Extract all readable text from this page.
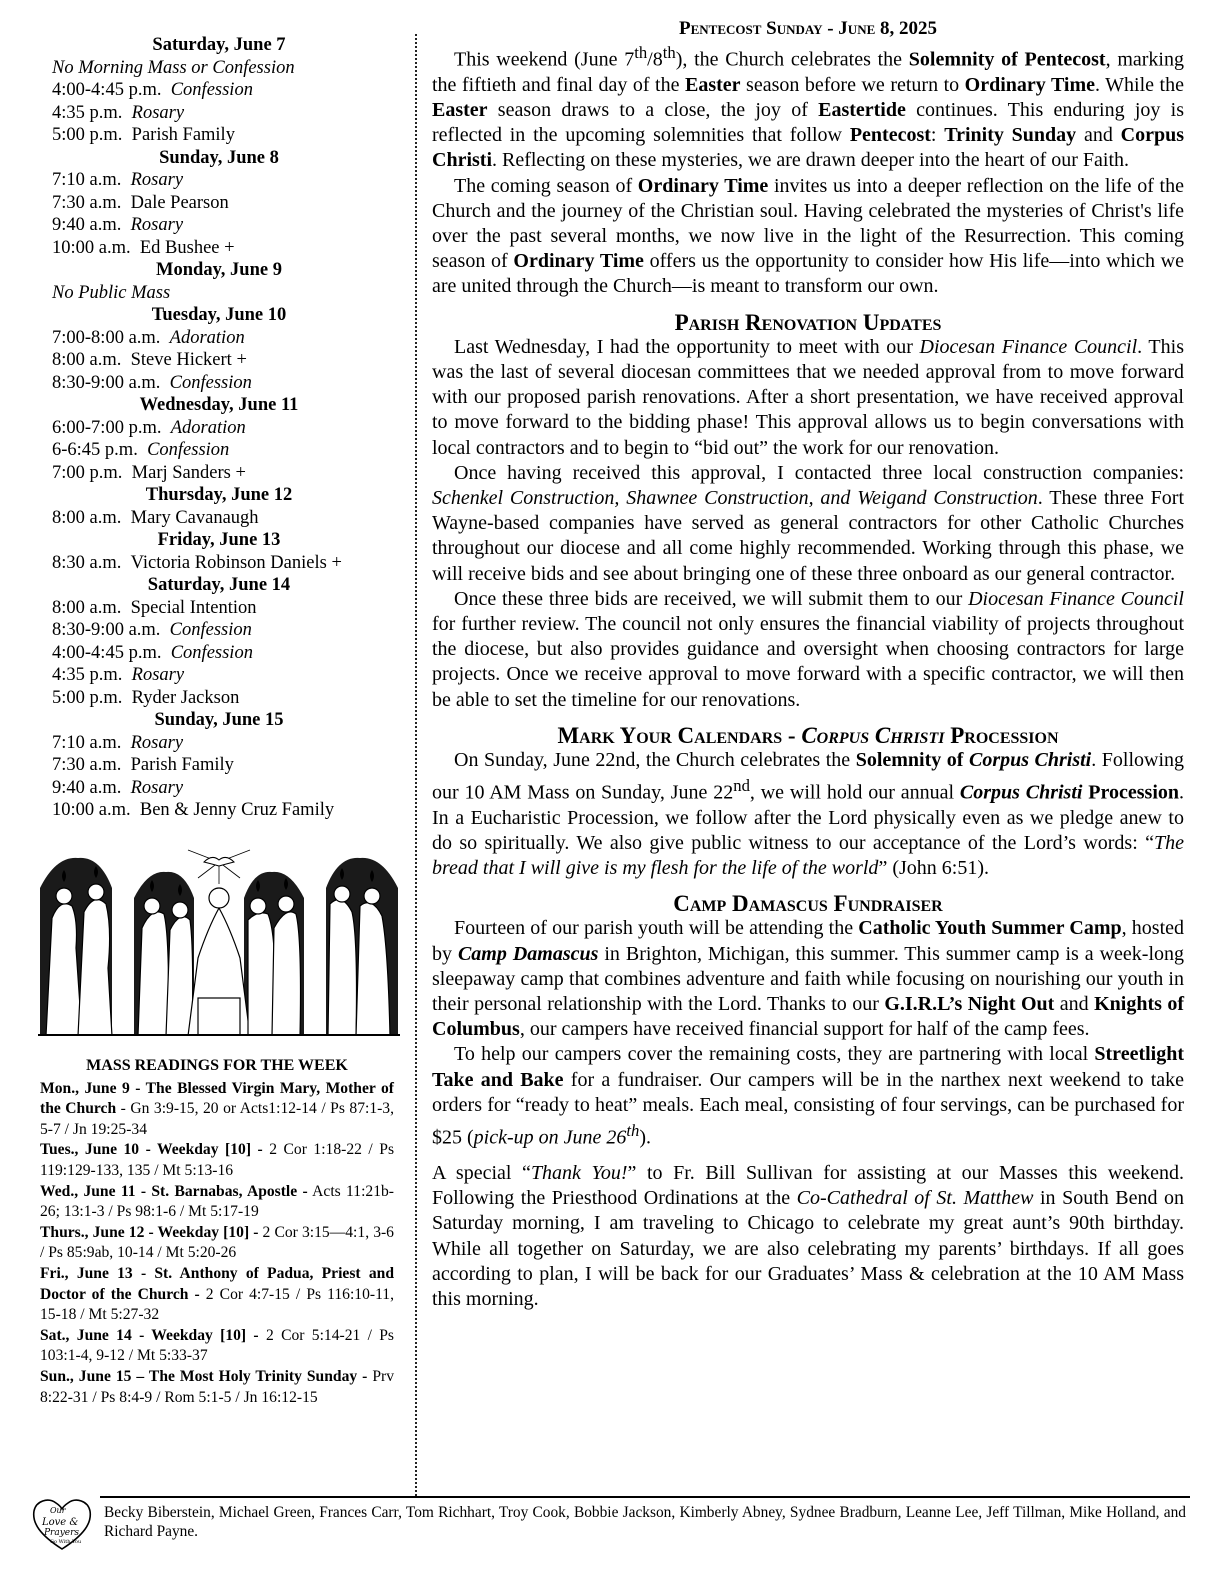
Saturday, June 7
No Morning Mass or Confession
4:00-4:45 p.m. Confession
4:35 p.m. Rosary
5:00 p.m. Parish Family
Sunday, June 8
7:10 a.m. Rosary
7:30 a.m. Dale Pearson
9:40 a.m. Rosary
10:00 a.m. Ed Bushee +
Monday, June 9
No Public Mass
Tuesday, June 10
7:00-8:00 a.m. Adoration
8:00 a.m. Steve Hickert +
8:30-9:00 a.m. Confession
Wednesday, June 11
6:00-7:00 p.m. Adoration
6-6:45 p.m. Confession
7:00 p.m. Marj Sanders +
Thursday, June 12
8:00 a.m. Mary Cavanaugh
Friday, June 13
8:30 a.m. Victoria Robinson Daniels +
Saturday, June 14
8:00 a.m. Special Intention
8:30-9:00 a.m. Confession
4:00-4:45 p.m. Confession
4:35 p.m. Rosary
5:00 p.m. Ryder Jackson
Sunday, June 15
7:10 a.m. Rosary
7:30 a.m. Parish Family
9:40 a.m. Rosary
10:00 a.m. Ben & Jenny Cruz Family
MASS READINGS FOR THE WEEK

Mon., June 9 - The Blessed Virgin Mary, Mother of the Church - Gn 3:9-15, 20 or Acts1:12-14 / Ps 87:1-3, 5-7 / Jn 19:25-34

Tues., June 10 - Weekday [10] - 2 Cor 1:18-22 / Ps 119:129-133, 135 / Mt 5:13-16

Wed., June 11 - St. Barnabas, Apostle - Acts 11:21b-26; 13:1-3 / Ps 98:1-6 / Mt 5:17-19

Thurs., June 12 - Weekday [10] - 2 Cor 3:15—4:1, 3-6 / Ps 85:9ab, 10-14 / Mt 5:20-26

Fri., June 13 - St. Anthony of Padua, Priest and Doctor of the Church - 2 Cor 4:7-15 / Ps 116:10-11, 15-18 / Mt 5:27-32

Sat., June 14 - Weekday [10] - 2 Cor 5:14-21 / Ps 103:1-4, 9-12 / Mt 5:33-37

Sun., June 15 – The Most Holy Trinity Sunday - Prv 8:22-31 / Ps 8:4-9 / Rom 5:1-5 / Jn 16:12-15

Pentecost Sunday - June 8, 2025

This weekend (June 7th/8th), the Church celebrates the Solemnity of Pentecost, marking the fiftieth and final day of the Easter season before we return to Ordinary Time. While the Easter season draws to a close, the joy of Eastertide continues. This enduring joy is reflected in the upcoming solemnities that follow Pentecost: Trinity Sunday and Corpus Christi. Reflecting on these mysteries, we are drawn deeper into the heart of our Faith.

The coming season of Ordinary Time invites us into a deeper reflection on the life of the Church and the journey of the Christian soul. Having celebrated the mysteries of Christ's life over the past several months, we now live in the light of the Resurrection. This coming season of Ordinary Time offers us the opportunity to consider how His life—into which we are united through the Church—is meant to transform our own.

Parish Renovation Updates

Last Wednesday, I had the opportunity to meet with our Diocesan Finance Council. This was the last of several diocesan committees that we needed approval from to move forward with our proposed parish renovations. After a short presentation, we have received approval to move forward to the bidding phase! This approval allows us to begin conversations with local contractors and to begin to “bid out” the work for our renovation.

Once having received this approval, I contacted three local construction companies: Schenkel Construction, Shawnee Construction, and Weigand Construction. These three Fort Wayne-based companies have served as general contractors for other Catholic Churches throughout our diocese and all come highly recommended. Working through this phase, we will receive bids and see about bringing one of these three onboard as our general contractor.

Once these three bids are received, we will submit them to our Diocesan Finance Council for further review. The council not only ensures the financial viability of projects throughout the diocese, but also provides guidance and oversight when choosing contractors for large projects. Once we receive approval to move forward with a specific contractor, we will then be able to set the timeline for our renovations.

Mark Your Calendars - Corpus Christi Procession

On Sunday, June 22nd, the Church celebrates the Solemnity of Corpus Christi. Following our 10 AM Mass on Sunday, June 22nd, we will hold our annual Corpus Christi Procession. In a Eucharistic Procession, we follow after the Lord physically even as we pledge anew to do so spiritually. We also give public witness to our acceptance of the Lord’s words: “The bread that I will give is my flesh for the life of the world” (John 6:51).

Camp Damascus Fundraiser

Fourteen of our parish youth will be attending the Catholic Youth Summer Camp, hosted by Camp Damascus in Brighton, Michigan, this summer. This summer camp is a week-long sleepaway camp that combines adventure and faith while focusing on nourishing our youth in their personal relationship with the Lord. Thanks to our G.I.R.L’s Night Out and Knights of Columbus, our campers have received financial support for half of the camp fees.

To help our campers cover the remaining costs, they are partnering with local Streetlight Take and Bake for a fundraiser. Our campers will be in the narthex next weekend to take orders for “ready to heat” meals. Each meal, consisting of four servings, can be purchased for $25 (pick-up on June 26th).

A special “Thank You!” to Fr. Bill Sullivan for assisting at our Masses this weekend. Following the Priesthood Ordinations at the Co-Cathedral of St. Matthew in South Bend on Saturday morning, I am traveling to Chicago to celebrate my great aunt’s 90th birthday. While all together on Saturday, we are also celebrating my parents’ birthdays. If all goes according to plan, I will be back for our Graduates’ Mass & celebration at the 10 AM Mass this morning.

Our
Love &
Prayers
Go With You
Becky Biberstein, Michael Green, Frances Carr, Tom Richhart, Troy Cook, Bobbie Jackson, Kimberly Abney, Sydnee Bradburn, Leanne Lee, Jeff Tillman, Mike Holland, and Richard Payne.
